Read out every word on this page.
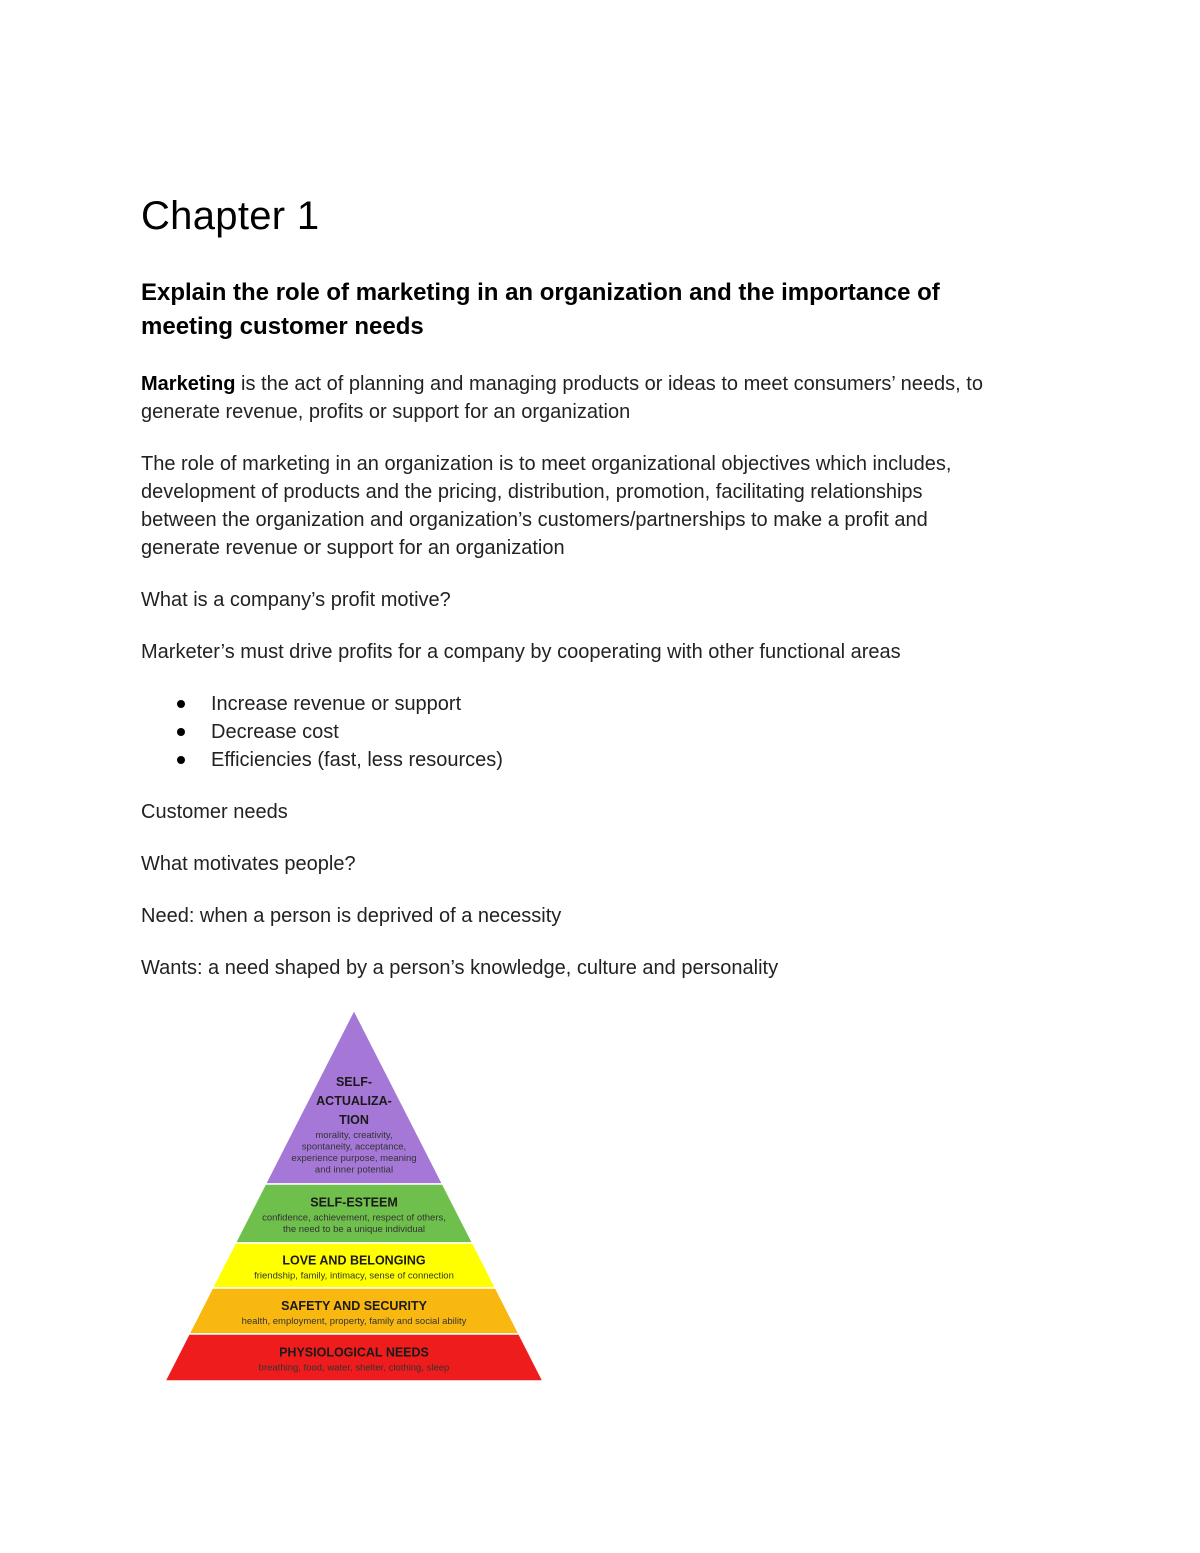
Chapter 1
Explain the role of marketing in an organization and the importance of
meeting customer needs

Marketing is the act of planning and managing products or ideas to meet consumers’ needs, to
generate revenue, profits or support for an organization

The role of marketing in an organization is to meet organizational objectives which includes,
development of products and the pricing, distribution, promotion, facilitating relationships
between the organization and organization’s customers/partnerships to make a profit and
generate revenue or support for an organization

What is a company’s profit motive?

Marketer’s must drive profits for a company by cooperating with other functional areas

Increase revenue or support
Decrease cost
Efficiencies (fast, less resources)

Customer needs

What motivates people?

Need: when a person is deprived of a necessity

Wants: a need shaped by a person’s knowledge, culture and personality

SELF-
ACTUALIZA-
TION
morality, creativity,
spontaneity, acceptance,
experience purpose, meaning
and inner potential
SELF-ESTEEM
confidence, achievement, respect of others,
the need to be a unique individual
LOVE AND BELONGING
friendship, family, intimacy, sense of connection
SAFETY AND SECURITY
health, employment, property, family and social ability
PHYSIOLOGICAL NEEDS
breathing, food, water, shelter, clothing, sleep
